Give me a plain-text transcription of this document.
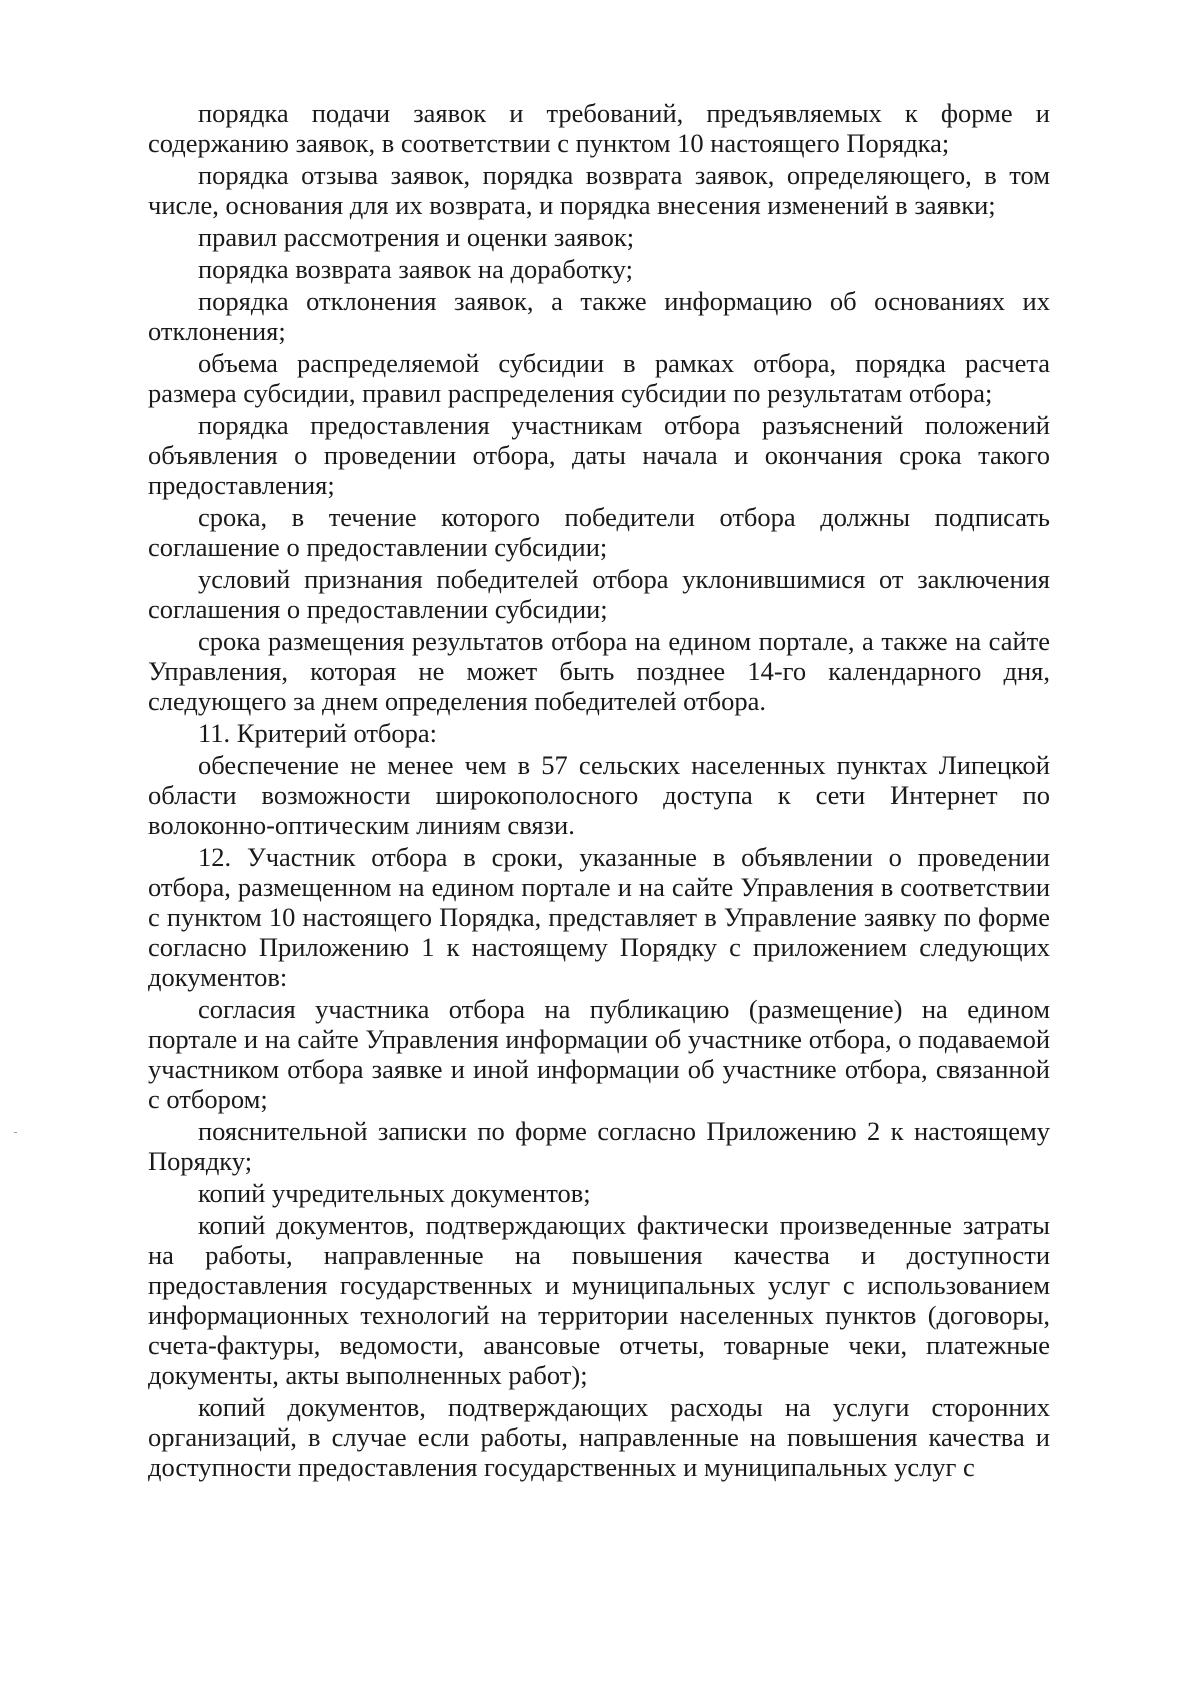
порядка подачи заявок и требований, предъявляемых к форме и содержанию заявок, в соответствии с пунктом 10 настоящего Порядка;

порядка отзыва заявок, порядка возврата заявок, определяющего, в том числе, основания для их возврата, и порядка внесения изменений в заявки;

правил рассмотрения и оценки заявок;

порядка возврата заявок на доработку;

порядка отклонения заявок, а также информацию об основаниях их отклонения;

объема распределяемой субсидии в рамках отбора, порядка расчета размера субсидии, правил распределения субсидии по результатам отбора;

порядка предоставления участникам отбора разъяснений положений объявления о проведении отбора, даты начала и окончания срока такого предоставления;

срока, в течение которого победители отбора должны подписать соглашение о предоставлении субсидии;

условий признания победителей отбора уклонившимися от заключения соглашения о предоставлении субсидии;

срока размещения результатов отбора на едином портале, а также на сайте Управления, которая не может быть позднее 14-го календарного дня, следующего за днем определения победителей отбора.

11. Критерий отбора:

обеспечение не менее чем в 57 сельских населенных пунктах Липецкой области возможности широкополосного доступа к сети Интернет по волоконно-оптическим линиям связи.

12. Участник отбора в сроки, указанные в объявлении о проведении отбора, размещенном на едином портале и на сайте Управления в соответствии с пунктом 10 настоящего Порядка, представляет в Управление заявку по форме согласно Приложению 1 к настоящему Порядку с приложением следующих документов:

согласия участника отбора на публикацию (размещение) на едином портале и на сайте Управления информации об участнике отбора, о подаваемой участником отбора заявке и иной информации об участнике отбора, связанной с отбором;

пояснительной записки по форме согласно Приложению 2 к настоящему Порядку;

копий учредительных документов;

копий документов, подтверждающих фактически произведенные затраты на работы, направленные на повышения качества и доступности предоставления государственных и муниципальных услуг с использованием информационных технологий на территории населенных пунктов (договоры, счета-фактуры, ведомости, авансовые отчеты, товарные чеки, платежные документы, акты выполненных работ);

копий документов, подтверждающих расходы на услуги сторонних организаций, в случае если работы, направленные на повышения качества и доступности предоставления государственных и муниципальных услуг с
